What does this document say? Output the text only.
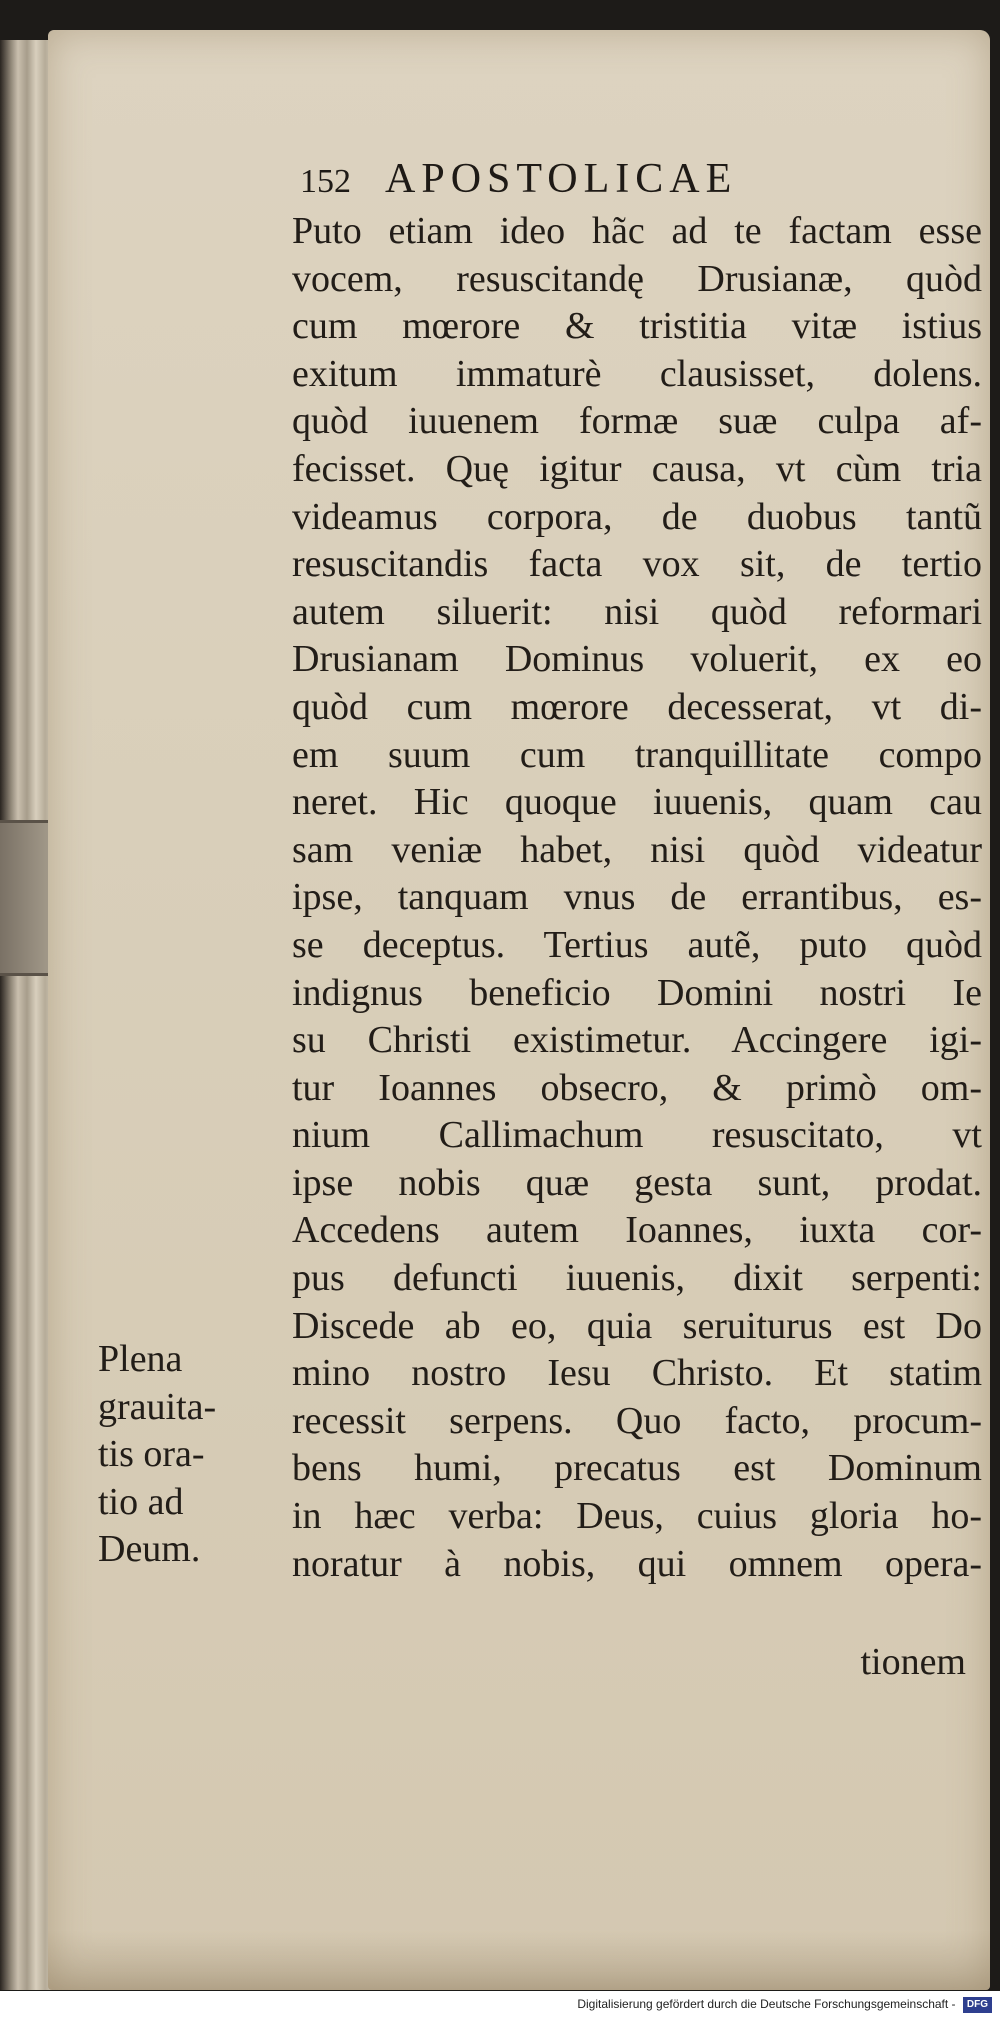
152 APOSTOLICAE
Puto etiam ideo hãc ad te factam esse
vocem, resuscitandę Drusianæ, quòd
cum mœrore & tristitia vitæ istius
exitum immaturè clausisset, dolens.
quòd iuuenem formæ suæ culpa af-
fecisset. Quę igitur causa, vt cùm tria
videamus corpora, de duobus tantũ
resuscitandis facta vox sit, de tertio
autem siluerit: nisi quòd reformari
Drusianam Dominus voluerit, ex eo
quòd cum mœrore decesserat, vt di-
em suum cum tranquillitate compo
neret. Hic quoque iuuenis, quam cau
sam veniæ habet, nisi quòd videatur
ipse, tanquam vnus de errantibus, es-
se deceptus. Tertius autẽ, puto quòd
indignus beneficio Domini nostri Ie
su Christi existimetur. Accingere igi-
tur Ioannes obsecro, & primò om-
nium Callimachum resuscitato, vt
ipse nobis quæ gesta sunt, prodat.
Accedens autem Ioannes, iuxta cor-
pus defuncti iuuenis, dixit serpenti:
Discede ab eo, quia seruiturus est Do
mino nostro Iesu Christo. Et statim
recessit serpens. Quo facto, procum-
bens humi, precatus est Dominum
in hæc verba: Deus, cuius gloria ho-
noratur à nobis, qui omnem opera-
tionem
Plena
grauita-
tis ora-
tio ad
Deum.
Digitalisierung gefördert durch die Deutsche Forschungsgemeinschaft - DFG
